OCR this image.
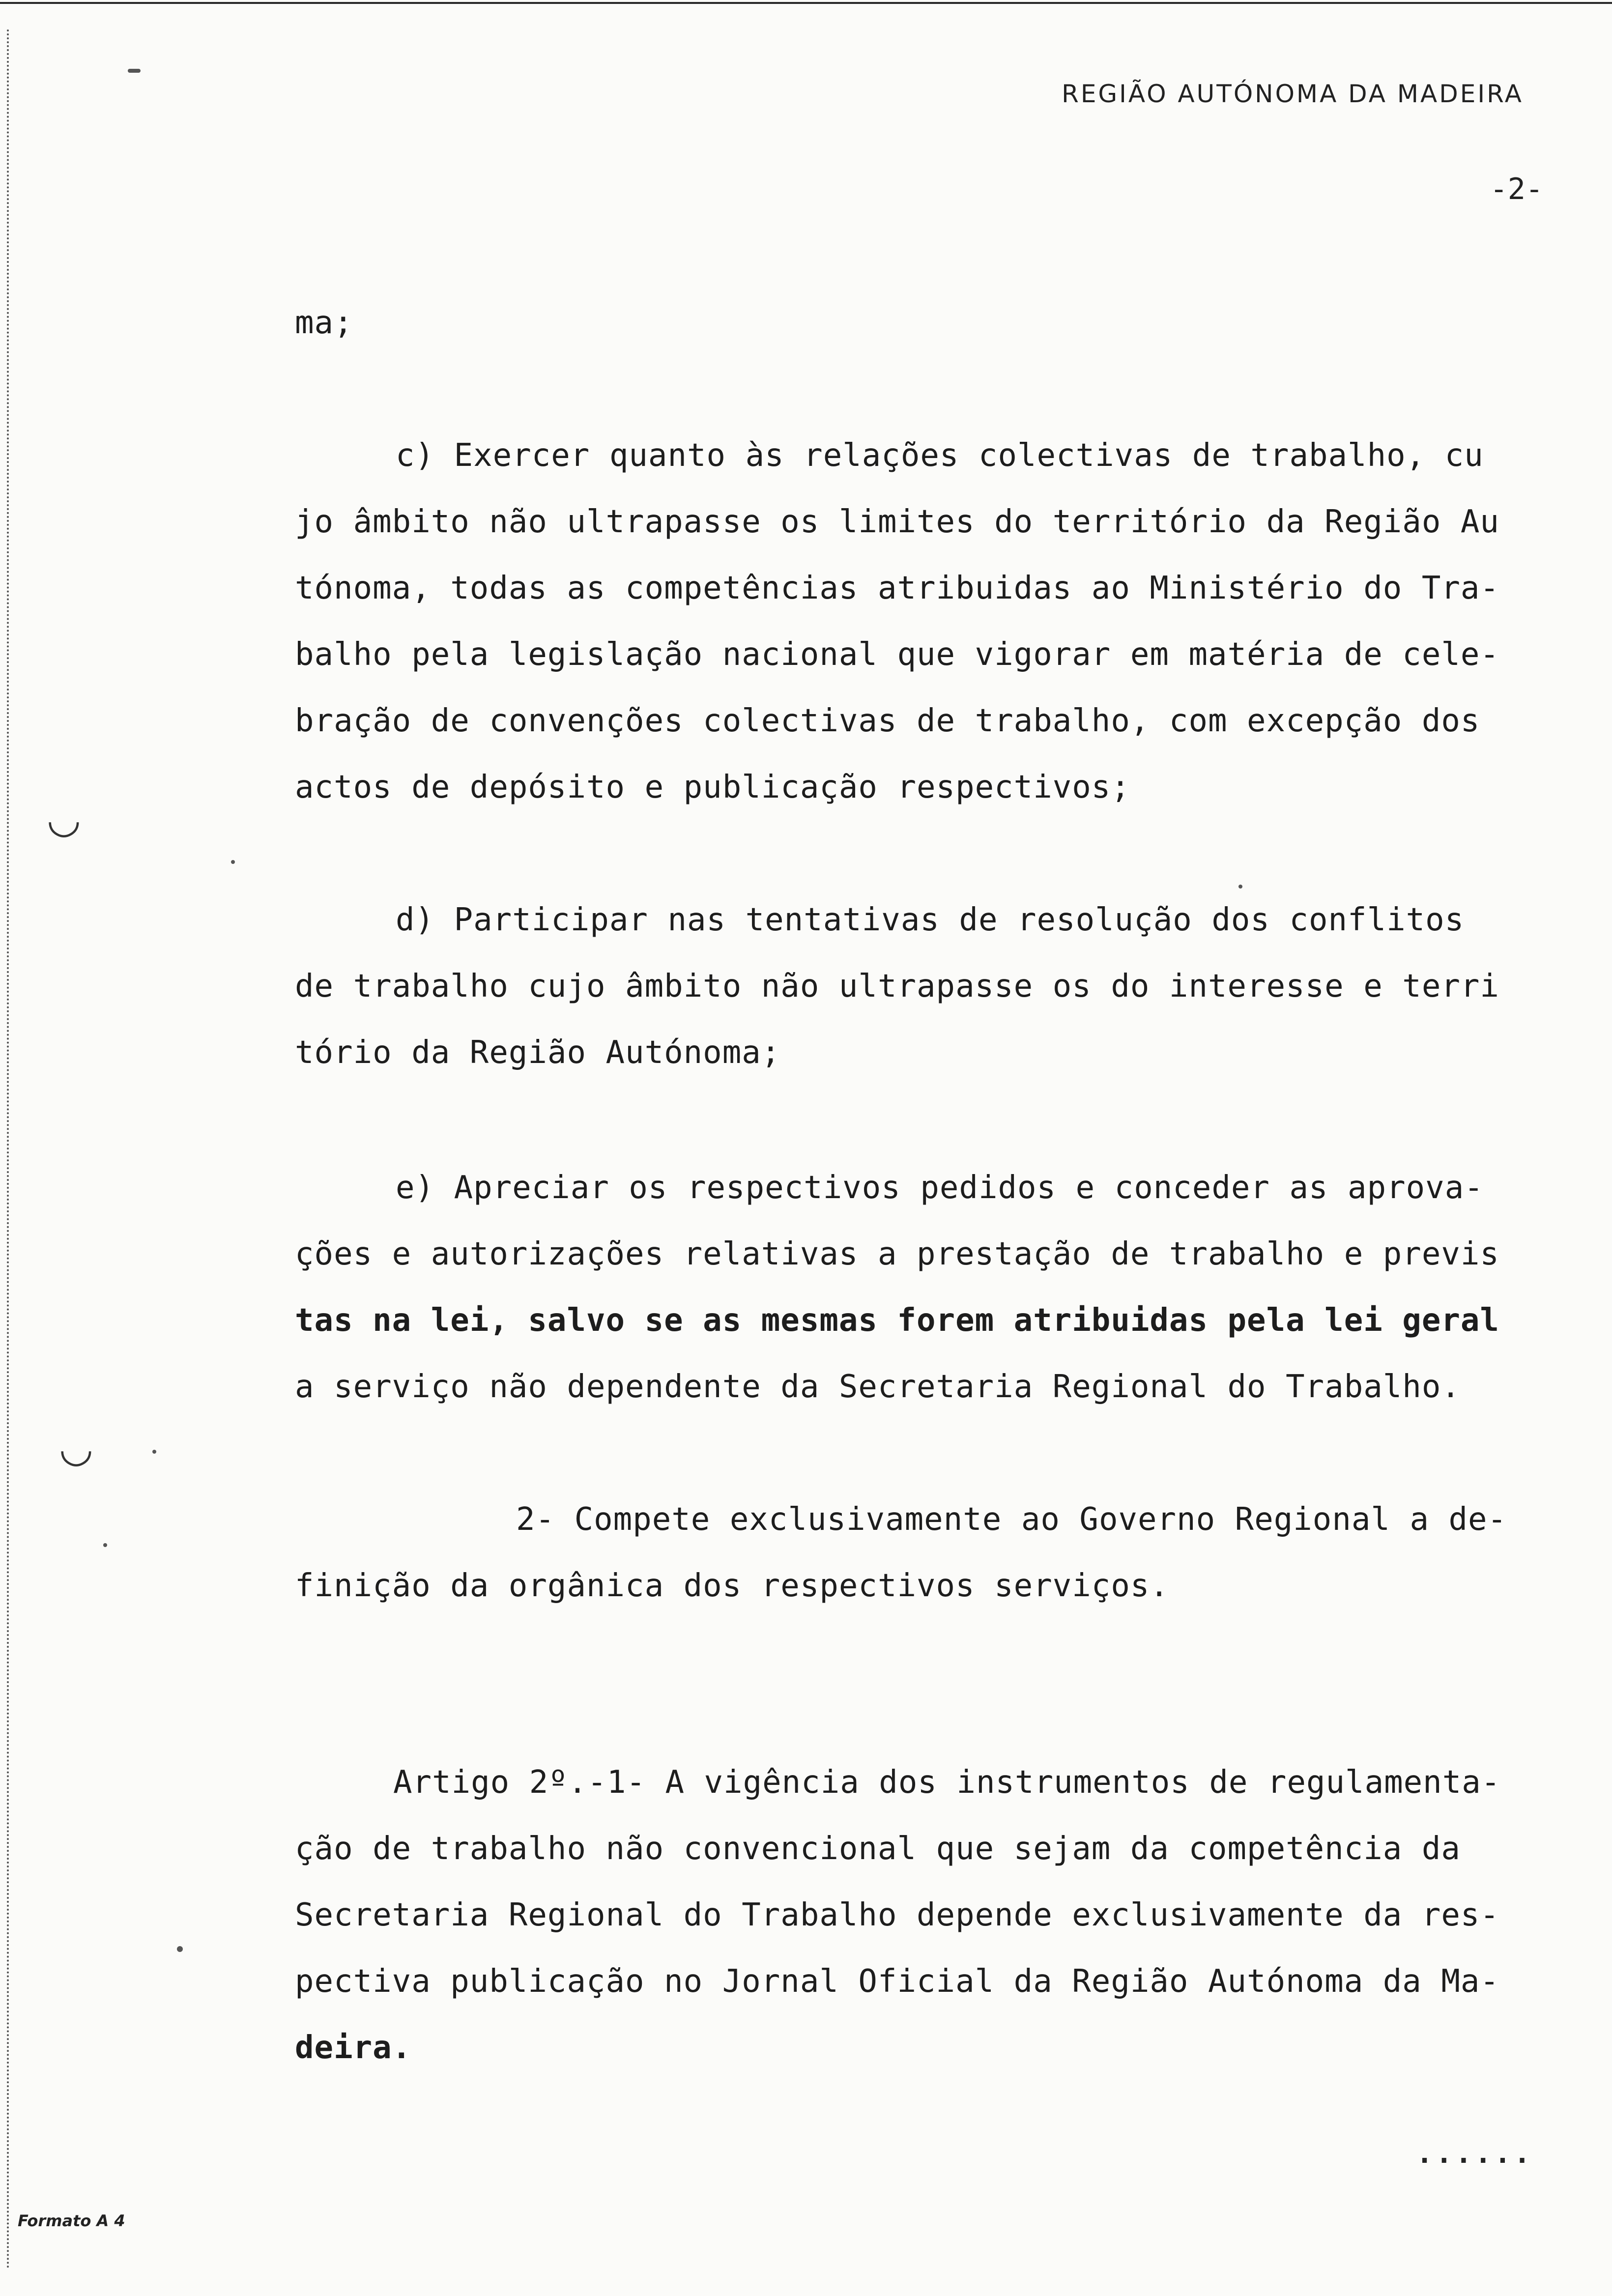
REGIÃO AUTÓNOMA DA MADEIRA
-2-
ma;
c) Exercer quanto às relações colectivas de trabalho, cu
jo âmbito não ultrapasse os limites do território da Região Au
tónoma, todas as competências atribuidas ao Ministério do Tra-
balho pela legislação nacional que vigorar em matéria de cele-
bração de convenções colectivas de trabalho, com excepção dos
actos de depósito e publicação respectivos;
d) Participar nas tentativas de resolução dos conflitos
de trabalho cujo âmbito não ultrapasse os do interesse e terri
tório da Região Autónoma;
e) Apreciar os respectivos pedidos e conceder as aprova-
ções e autorizações relativas a prestação de trabalho e previs
tas na lei, salvo se as mesmas forem atribuidas pela lei geral
a serviço não dependente da Secretaria Regional do Trabalho.
2- Compete exclusivamente ao Governo Regional a de-
finição da orgânica dos respectivos serviços.
Artigo 2º.-1- A vigência dos instrumentos de regulamenta-
ção de trabalho não convencional que sejam da competência da
Secretaria Regional do Trabalho depende exclusivamente da res-
pectiva publicação no Jornal Oficial da Região Autónoma da Ma-
deira.
......
Formato A 4
◡
◡
